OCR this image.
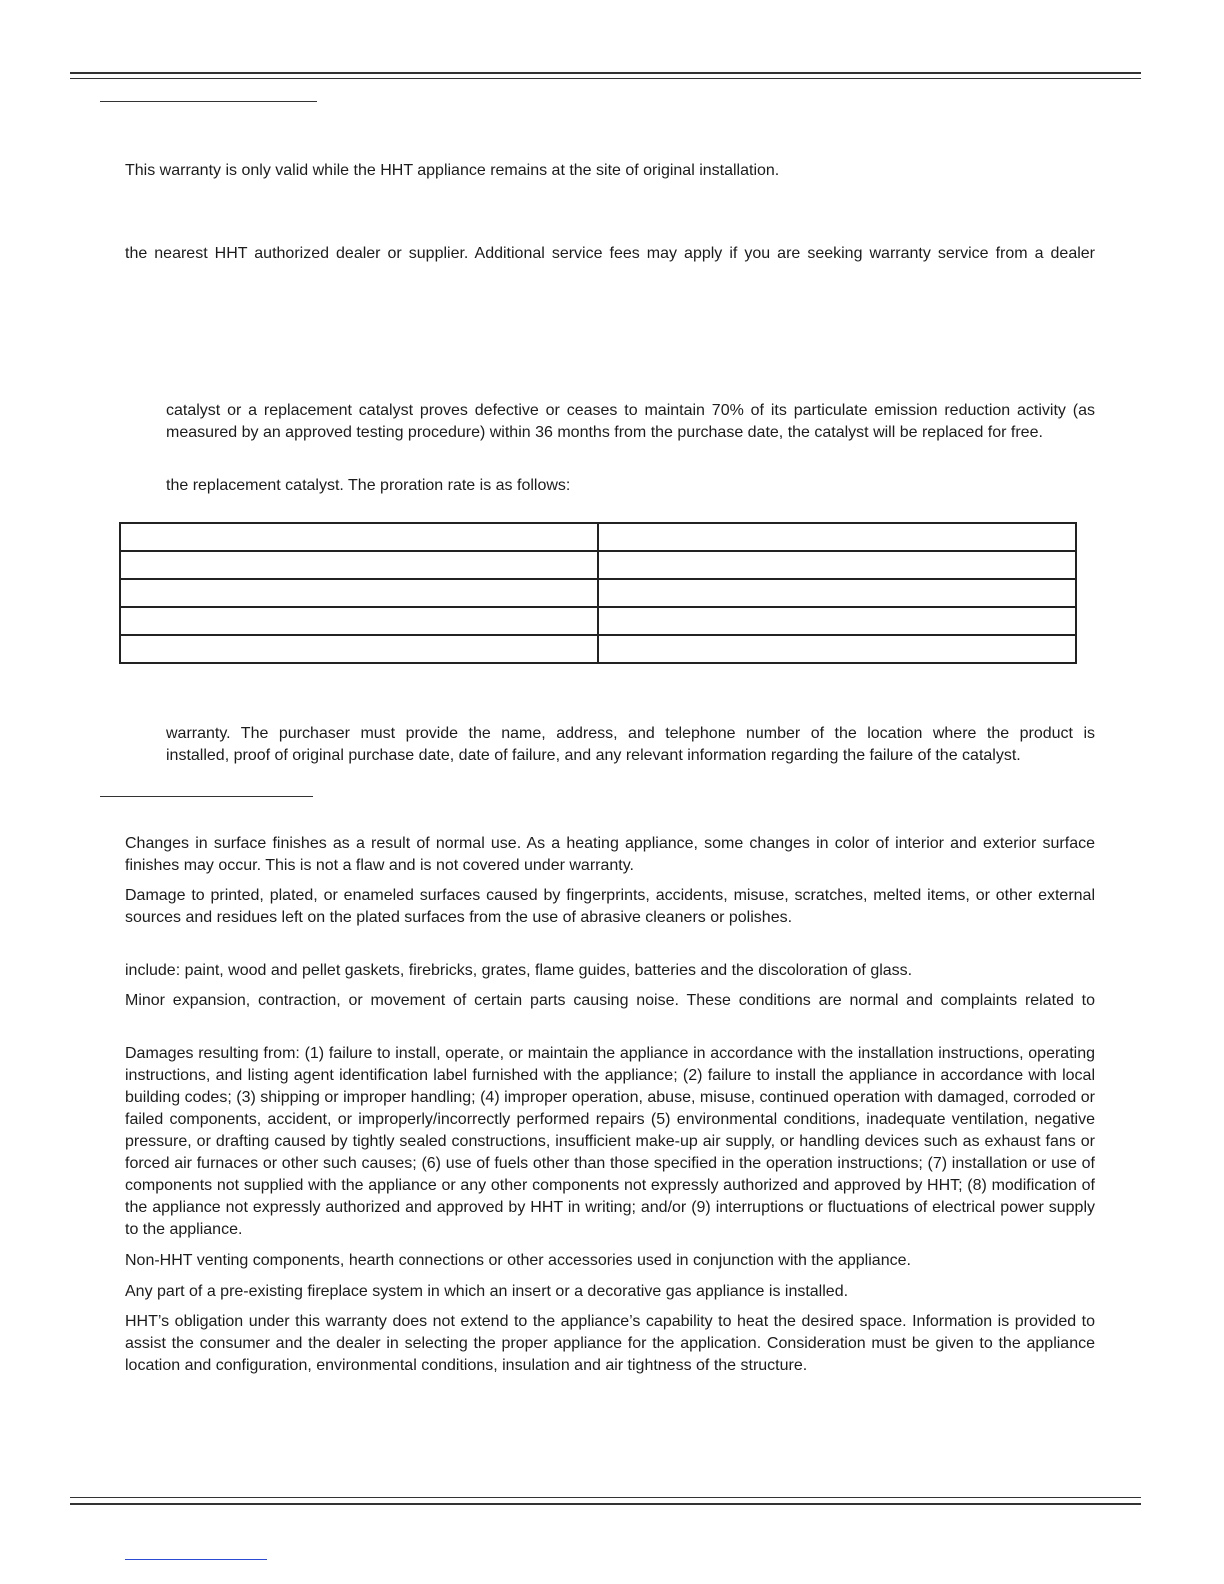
This warranty is only valid while the HHT appliance remains at the site of original installation.

the nearest HHT authorized dealer or supplier. Additional service fees may apply if you are seeking warranty service from a dealer

catalyst or a replacement catalyst proves defective or ceases to maintain 70% of its particulate emission reduction activity (as

measured by an approved testing procedure) within 36 months from the purchase date, the catalyst will be replaced for free.

the replacement catalyst. The proration rate is as follows:

warranty. The purchaser must provide the name, address, and telephone number of the location where the product is

installed, proof of original purchase date, date of failure, and any relevant information regarding the failure of the catalyst.

Changes in surface finishes as a result of normal use. As a heating appliance, some changes in color of interior and exterior surface finishes may occur. This is not a flaw and is not covered under warranty.

Damage to printed, plated, or enameled surfaces caused by fingerprints, accidents, misuse, scratches, melted items, or other external sources and residues left on the plated surfaces from the use of abrasive cleaners or polishes.

include: paint, wood and pellet gaskets, firebricks, grates, flame guides, batteries and the discoloration of glass.

Minor expansion, contraction, or movement of certain parts causing noise. These conditions are normal and complaints related to

Damages resulting from: (1) failure to install, operate, or maintain the appliance in accordance with the installation instructions, operating instructions, and listing agent identification label furnished with the appliance; (2) failure to install the appliance in accordance with local building codes; (3) shipping or improper handling; (4) improper operation, abuse, misuse, continued operation with damaged, corroded or failed components, accident, or improperly/incorrectly performed repairs (5) environmental conditions, inadequate ventilation, negative pressure, or drafting caused by tightly sealed constructions, insufficient make-up air supply, or handling devices such as exhaust fans or forced air furnaces or other such causes; (6) use of fuels other than those specified in the operation instructions; (7) installation or use of components not supplied with the appliance or any other components not expressly authorized and approved by HHT; (8) modification of the appliance not expressly authorized and approved by HHT in writing; and/or (9) interruptions or fluctuations of electrical power supply to the appliance.

Non-HHT venting components, hearth connections or other accessories used in conjunction with the appliance.

Any part of a pre-existing fireplace system in which an insert or a decorative gas appliance is installed.

HHT’s obligation under this warranty does not extend to the appliance’s capability to heat the desired space. Information is provided to assist the consumer and the dealer in selecting the proper appliance for the application. Consideration must be given to the appliance location and configuration, environmental conditions, insulation and air tightness of the structure.
